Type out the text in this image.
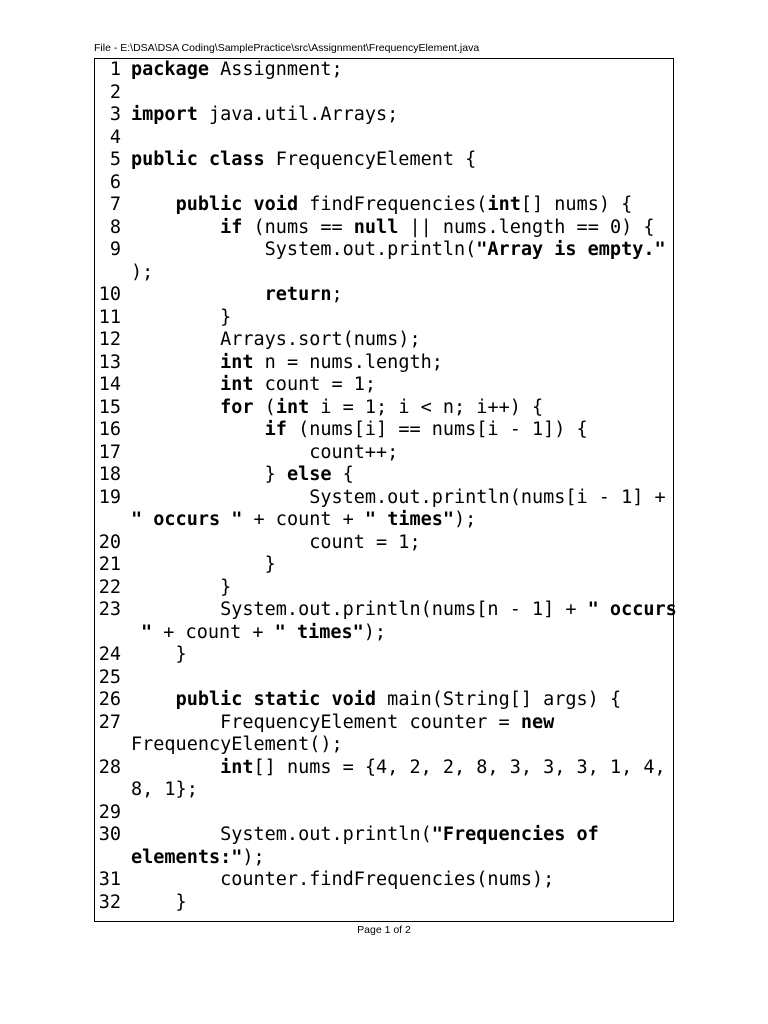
File - E:\DSA\DSA Coding\SamplePractice\src\Assignment\FrequencyElement.java
1 package Assignment;
2
3 import java.util.Arrays;
4
5 public class FrequencyElement {
6
7	public void findFrequencies(int[] nums) {
8	if (nums == null || nums.length == 0) {
9 System.out.println("Array is empty."
);
10	return;
11 }
12 Arrays.sort(nums);
13	int n = nums.length;
14	int count = 1;
15	for (int i = 1; i < n; i++) {
16	if (nums[i] == nums[i - 1]) {
17 count++;
18 } else {
19 System.out.println(nums[i - 1] +
" occurs " + count + " times");
20 count = 1;
21 }
22 }
23 System.out.println(nums[n - 1] + " occurs
" + count + " times");
24 }
25
26	public static void main(String[] args) {
27 FrequencyElement counter = new
FrequencyElement();
28	int[] nums = {4, 2, 2, 8, 3, 3, 3, 1, 4,
8, 1};
29
30 System.out.println("Frequencies of
elements:");
31 counter.findFrequencies(nums);
32 }
Page 1 of 2
